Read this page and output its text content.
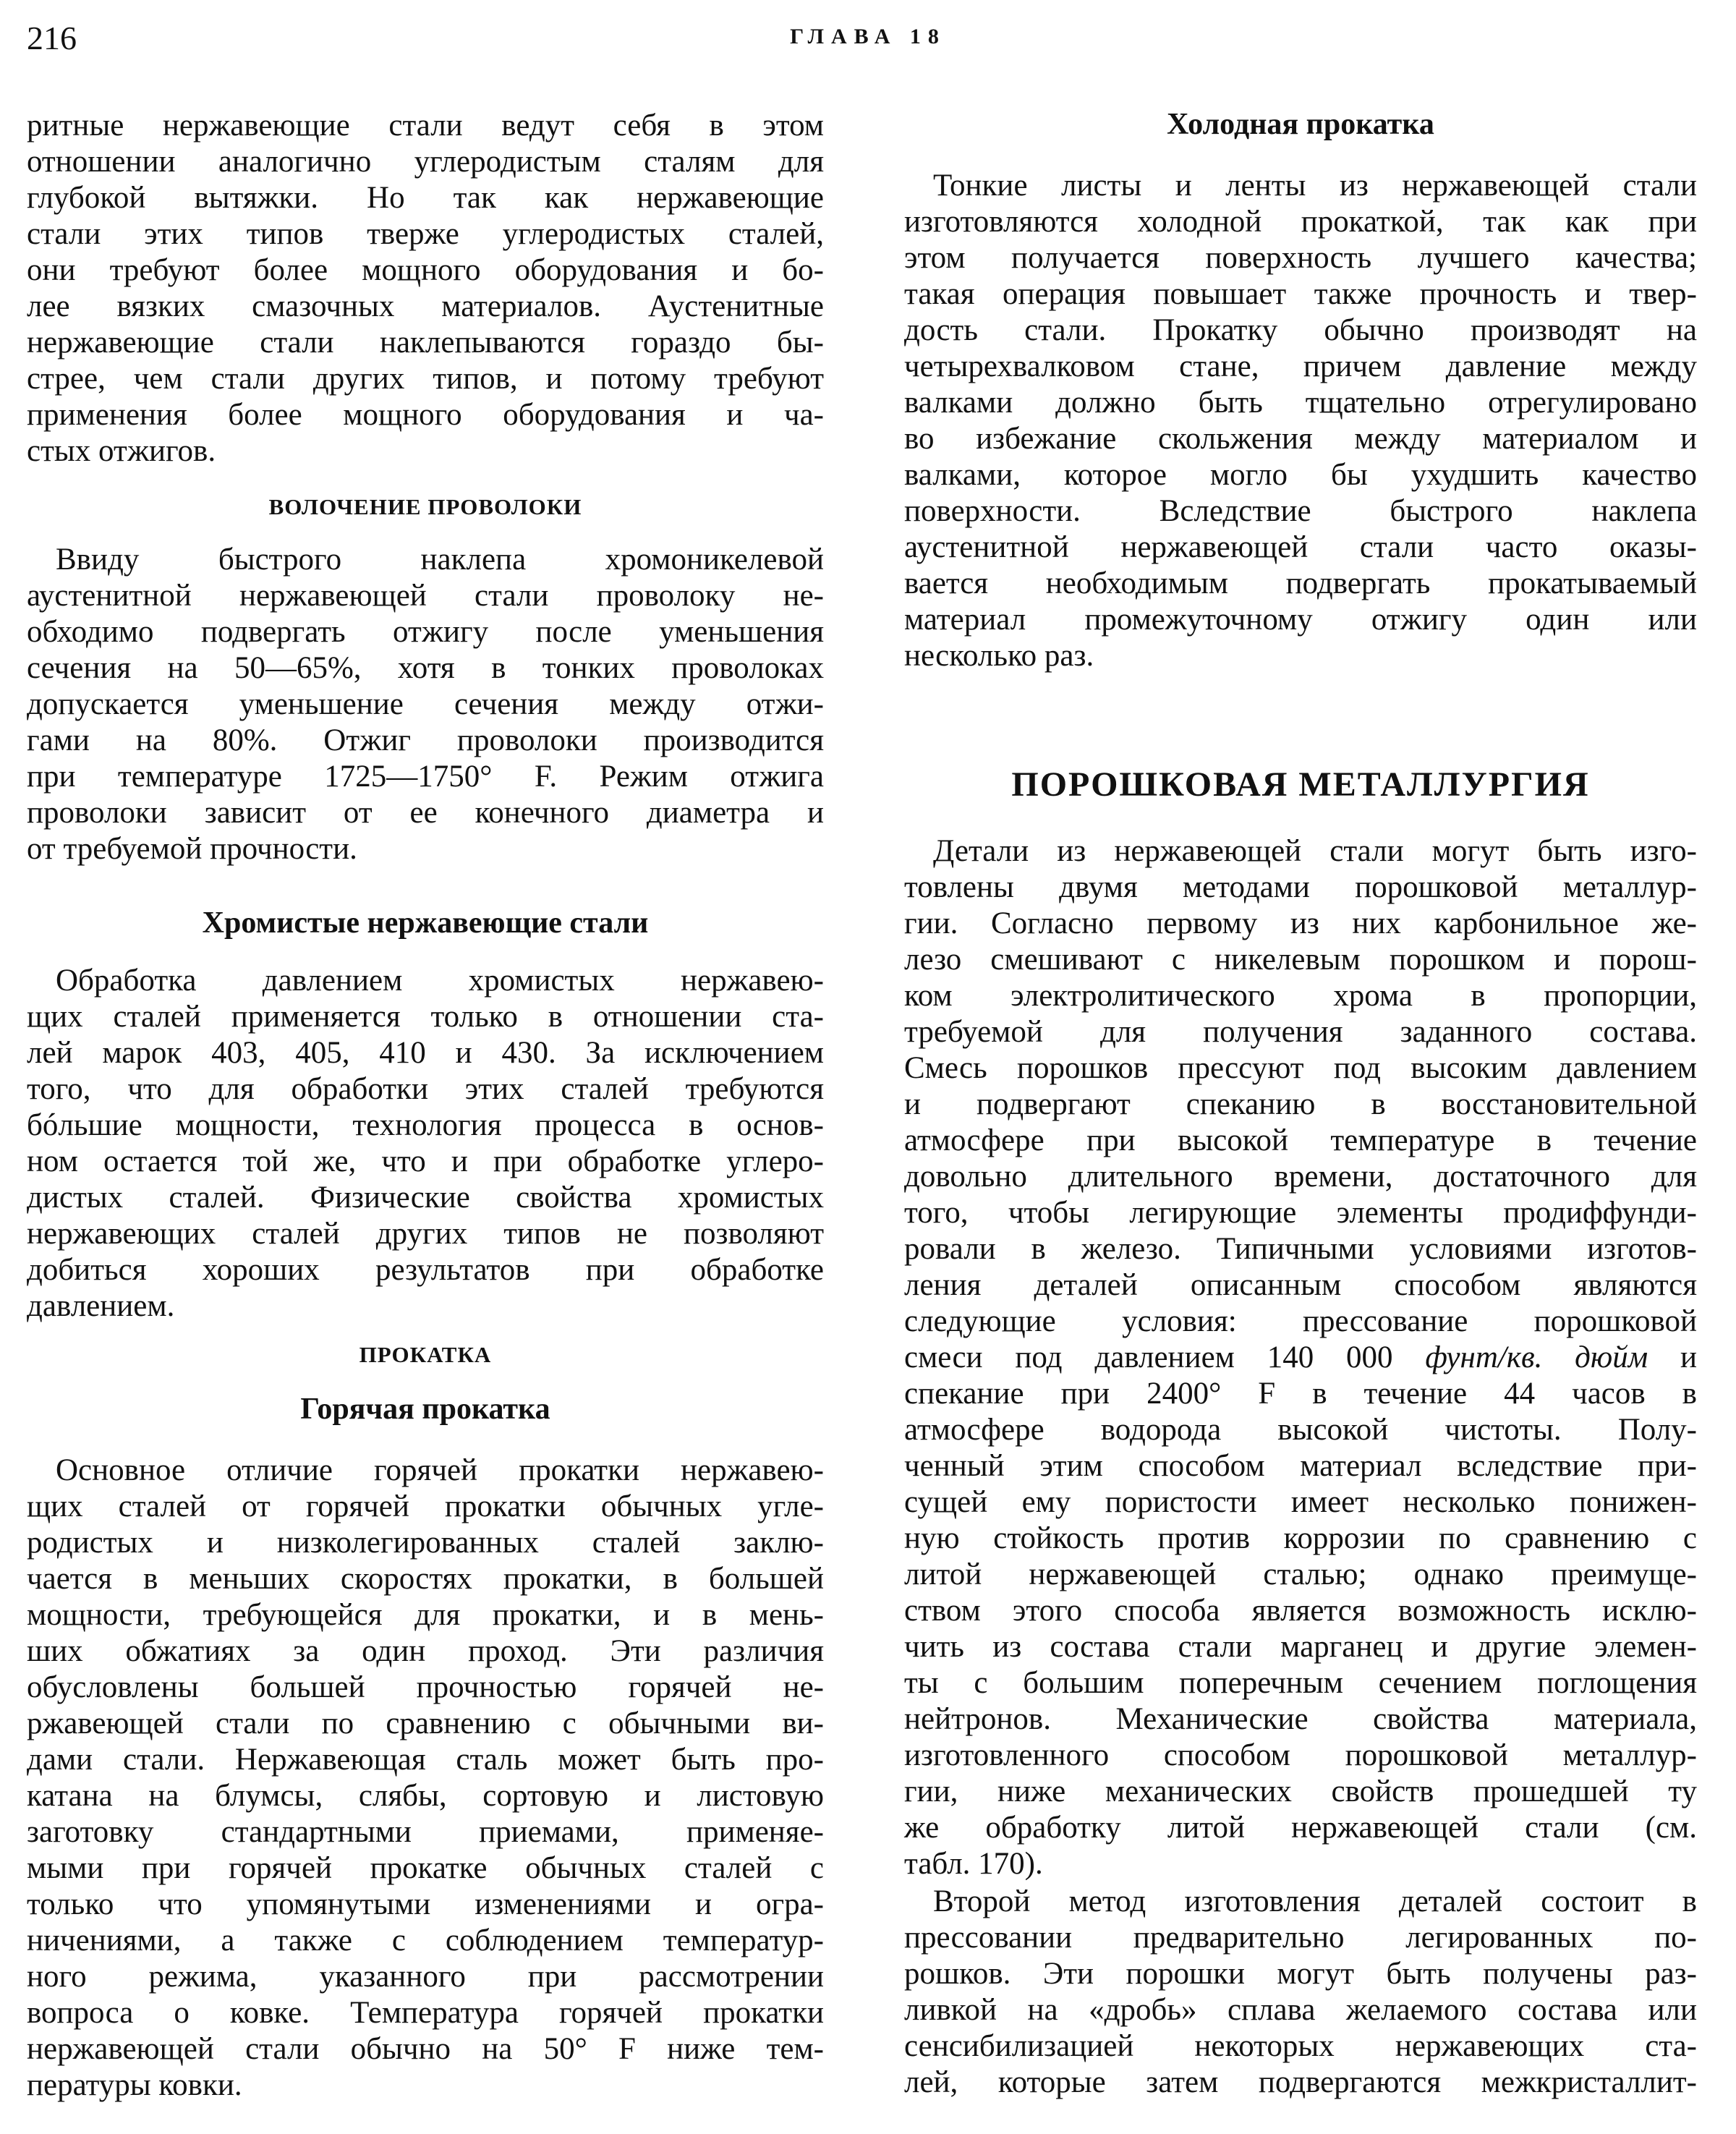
216	ГЛАВА 18
ритные нержавеющие стали ведут себя в этом
отношении аналогично углеродистым сталям для
глубокой вытяжки. Но так как нержавеющие
стали этих типов тверже углеродистых сталей,
они требуют более мощного оборудования и бо-
лее вязких смазочных материалов. Аустенитные
нержавеющие стали наклепываются гораздо бы-
стрее, чем стали других типов, и потому требуют
применения более мощного оборудования и ча-
стых отжигов.
ВОЛОЧЕНИЕ ПРОВОЛОКИ
Ввиду быстрого наклепа хромоникелевой
аустенитной нержавеющей стали проволоку не-
обходимо подвергать отжигу после уменьшения
сечения на 50—65%, хотя в тонких проволоках
допускается уменьшение сечения между отжи-
гами на 80%. Отжиг проволоки производится
при температуре 1725—1750° F. Режим отжига
проволоки зависит от ее конечного диаметра и
от требуемой прочности.
Хромистые нержавеющие стали
Обработка давлением хромистых нержавею-
щих сталей применяется только в отношении ста-
лей марок 403, 405, 410 и 430. За исключением
того, что для обработки этих сталей требуются
бóльшие мощности, технология процесса в основ-
ном остается той же, что и при обработке углеро-
дистых сталей. Физические свойства хромистых
нержавеющих сталей других типов не позволяют
добиться хороших результатов при обработке
давлением.
ПРОКАТКА
Горячая прокатка
Основное отличие горячей прокатки нержавею-
щих сталей от горячей прокатки обычных угле-
родистых и низколегированных сталей заклю-
чается в меньших скоростях прокатки, в большей
мощности, требующейся для прокатки, и в мень-
ших обжатиях за один проход. Эти различия
обусловлены большей прочностью горячей не-
ржавеющей стали по сравнению с обычными ви-
дами стали. Нержавеющая сталь может быть про-
катана на блумсы, слябы, сортовую и листовую
заготовку стандартными приемами, применяе-
мыми при горячей прокатке обычных сталей с
только что упомянутыми изменениями и огра-
ничениями, а также с соблюдением температур-
ного режима, указанного при рассмотрении
вопроса о ковке. Температура горячей прокатки
нержавеющей стали обычно на 50° F ниже тем-
пературы ковки.
Холодная прокатка
Тонкие листы и ленты из нержавеющей стали
изготовляются холодной прокаткой, так как при
этом получается поверхность лучшего качества;
такая операция повышает также прочность и твер-
дость стали. Прокатку обычно производят на
четырехвалковом стане, причем давление между
валками должно быть тщательно отрегулировано
во избежание скольжения между материалом и
валками, которое могло бы ухудшить качество
поверхности. Вследствие быстрого наклепа
аустенитной нержавеющей стали часто оказы-
вается необходимым подвергать прокатываемый
материал промежуточному отжигу один или
несколько раз.
ПОРОШКОВАЯ МЕТАЛЛУРГИЯ
Детали из нержавеющей стали могут быть изго-
товлены двумя методами порошковой металлур-
гии. Согласно первому из них карбонильное же-
лезо смешивают с никелевым порошком и порош-
ком электролитического хрома в пропорции,
требуемой для получения заданного состава.
Смесь порошков прессуют под высоким давлением
и подвергают спеканию в восстановительной
атмосфере при высокой температуре в течение
довольно длительного времени, достаточного для
того, чтобы легирующие элементы продиффунди-
ровали в железо. Типичными условиями изготов-
ления деталей описанным способом являются
следующие условия: прессование порошковой
смеси под давлением 140 000 фунт/кв. дюйм и
спекание при 2400° F в течение 44 часов в
атмосфере водорода высокой чистоты. Полу-
ченный этим способом материал вследствие при-
сущей ему пористости имеет несколько понижен-
ную стойкость против коррозии по сравнению с
литой нержавеющей сталью; однако преимуще-
ством этого способа является возможность исклю-
чить из состава стали марганец и другие элемен-
ты с большим поперечным сечением поглощения
нейтронов. Механические свойства материала,
изготовленного способом порошковой металлур-
гии, ниже механических свойств прошедшей ту
же обработку литой нержавеющей стали (см.
табл. 170).
Второй метод изготовления деталей состоит в
прессовании предварительно легированных по-
рошков. Эти порошки могут быть получены раз-
ливкой на «дробь» сплава желаемого состава или
сенсибилизацией некоторых нержавеющих ста-
лей, которые затем подвергаются межкристаллит-
